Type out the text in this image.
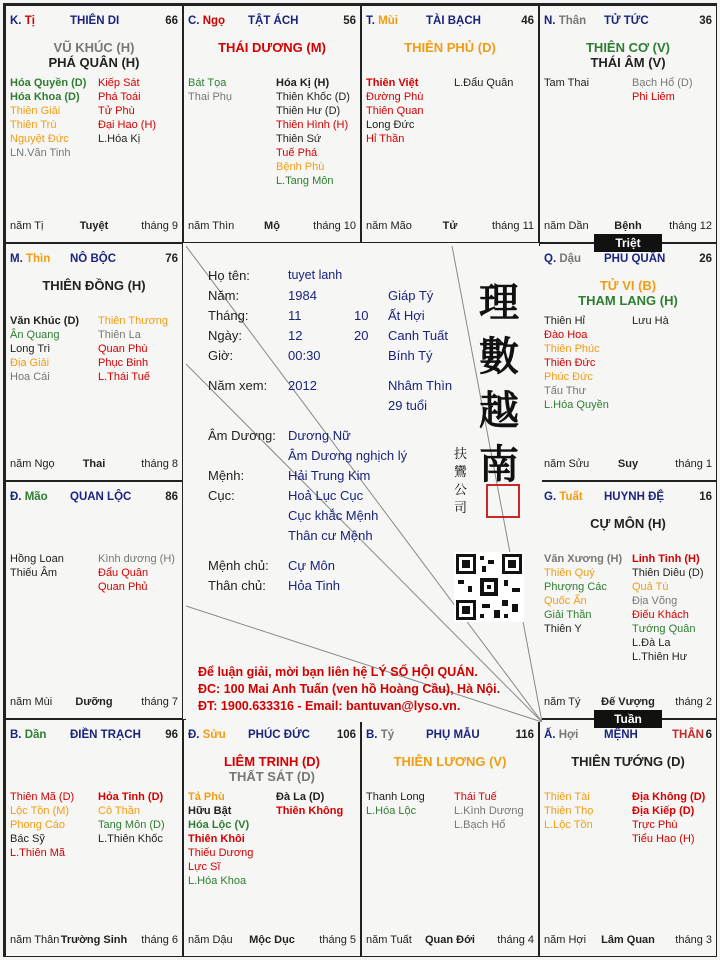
K. Tị	THIÊN DI	66
VŨ KHÚC (H)
PHÁ QUÂN (H)
Hóa Quyền (D)
Hóa Khoa (D)
Thiên Giải
Thiên Trù
Nguyệt Đức
LN.Văn Tinh
Kiếp Sát
Phá Toái
Tử Phù
Đại Hao (H)
L.Hóa Kị
năm Tị	Tuyệt	tháng 9
C. Ngọ TẬT ÁCH	56
THÁI DƯƠNG (M)
Bát Tọa
Thai Phụ
Hóa Kị (H)
Thiên Khốc (D)
Thiên Hư (D)
Thiên Hình (H)
Thiên Sứ
Tuế Phá
Bệnh Phù
L.Tang Môn
năm Thìn	Mộ	tháng 10
T. Mùi TÀI BẠCH	46
THIÊN PHỦ (D)
Thiên Việt
Đường Phù
Thiên Quan
Long Đức
Hỉ Thần
L.Đẩu Quân
năm Mão	Tử	tháng 11
N. Thân TỬ TỨC	36
THIÊN CƠ (V)
THÁI ÂM (V)
Tam Thai	Bạch Hổ (D)
Phi Liêm
năm Dần	Bệnh	tháng 12
M. Thìn NÔ BỘC	76
THIÊN ĐỒNG (H)
Văn Khúc (D)
Ân Quang
Long Trì
Địa Giải
Hoa Cái
Thiên Thương
Thiên La
Quan Phù
Phục Binh
L.Thái Tuế
năm Ngọ	Thai	tháng 8
Q. Dậu PHU QUÂN	26
TỬ VI (B)
THAM LANG (H)
Thiên Hỉ
Đào Hoa
Thiên Phúc
Thiên Đức
Phúc Đức
Tấu Thư
L.Hóa Quyền
Lưu Hà
năm Sửu	Suy	tháng 1
Đ. Mão QUAN LỘC	86
Hồng Loan
Thiếu Âm
Kình dương (H)
Đẩu Quân
Quan Phủ
năm Mùi	Dưỡng	tháng 7
G. Tuất HUYNH ĐỆ	16
CỰ MÔN (H)
Văn Xương (H)
Thiên Quý
Phượng Các
Quốc Ấn
Giải Thần
Thiên Y
Linh Tinh (H)
Thiên Diêu (D)
Quả Tú
Địa Võng
Điếu Khách
Tướng Quân
L.Đà La
L.Thiên Hư
năm Tý	Đế Vượng	tháng 2
B. Dần ĐIỀN TRẠCH 96
Thiên Mã (D)
Lộc Tồn (M)
Phong Cáo
Bác Sỹ
L.Thiên Mã
Hỏa Tinh (D)
Cô Thần
Tang Môn (D)
L.Thiên Khốc
năm Thân Trường Sinh	tháng 6
Đ. Sửu PHÚC ĐỨC 106
LIÊM TRINH (D)
THẤT SÁT (D)
Tả Phù
Hữu Bật
Hóa Lộc (V)
Thiên Khôi
Thiếu Dương
Lực Sĩ
L.Hóa Khoa
Đà La (D)
Thiên Không
năm Dậu	Mộc Dục	tháng 5
B. Tý	PHỤ MẪU	116
THIÊN LƯƠNG (V)
Thanh Long
L.Hóa Lộc
Thái Tuế
L.Kình Dương
L.Bạch Hổ
năm Tuất	Quan Đới	tháng 4
Ấ. Hợi MỆNH	THÂN 6
THIÊN TƯỚNG (D)
Thiên Tài
Thiên Thọ
L.Lộc Tồn
Địa Không (D)
Địa Kiếp (D)
Trực Phù
Tiểu Hao (H)
năm Hợi	Lâm Quan	tháng 3
Họ tên:	tuyet lanh
Năm:	1984	Giáp Tý
Tháng:	11	10 Ất Hợi
Ngày:	12	20 Canh Tuất
Giờ:	00:30	Bính Tý
Năm xem: 2012	Nhâm Thìn
29 tuổi
Âm Dương: Dương Nữ
Âm Dương nghịch lý
Mệnh:	Hải Trung Kim
Cục:	Hoả Lục Cục
Cục khắc Mệnh
Thân cư Mệnh
Mệnh chủ: Cự Môn
Thân chủ: Hỏa Tinh
理
數
越
南
扶鸞公司
Để luận giải, mời bạn liên hệ LÝ SỐ HỘI QUÁN.
ĐC: 100 Mai Anh Tuấn (ven hồ Hoàng Cầu), Hà Nội.
ĐT: 1900.633316 - Email: bantuvan@lyso.vn.
Triệt
Tuần
